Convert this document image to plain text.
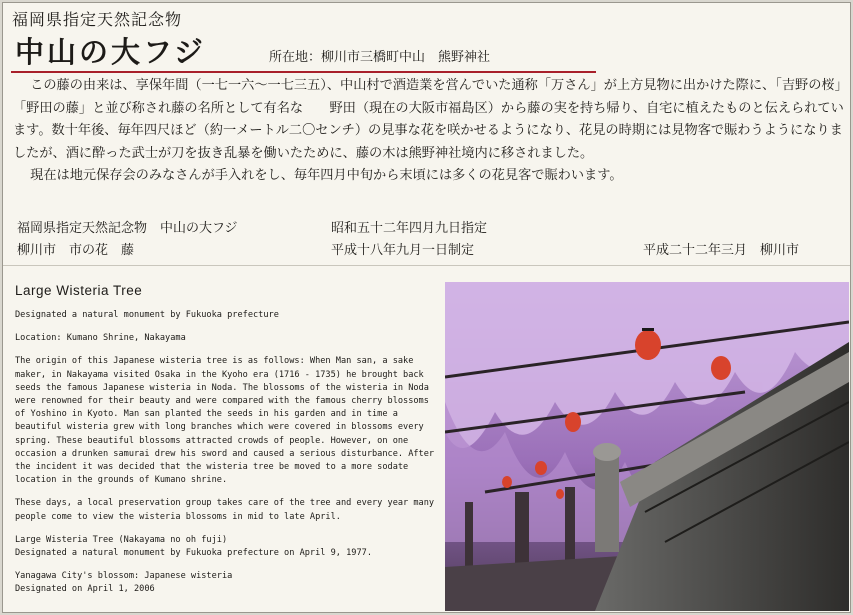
福岡県指定天然記念物
中山の大フジ	所在地：柳川市三橋町中山　熊野神社

この藤の由来は、享保年間（一七一六〜一七三五）、中山村で酒造業を営んでいた通称「万さん」が上方見物に出かけた際に、「吉野の桜」「野田の藤」と並び称され藤の名所として有名な　　野田（現在の大阪市福島区）から藤の実を持ち帰り、自宅に植えたものと伝えられています。数十年後、毎年四尺ほど（約一メートル二〇センチ）の見事な花を咲かせるようになり、花見の時期には見物客で賑わうようになりましたが、酒に酔った武士が刀を抜き乱暴を働いたために、藤の木は熊野神社境内に移されました。

現在は地元保存会のみなさんが手入れをし、毎年四月中旬から末頃には多くの花見客で賑わいます。

福岡県指定天然記念物　中山の大フジ	昭和五十二年四月九日指定
柳川市　市の花　藤	平成十八年九月一日制定	平成二十二年三月　柳川市
Large Wisteria Tree

Designated a natural monument by Fukuoka prefecture

Location: Kumano Shrine, Nakayama

The origin of this Japanese wisteria tree is as follows: When Man san, a sake maker, in Nakayama visited Osaka in the Kyoho era (1716 - 1735) he brought back seeds the famous Japanese wisteria in Noda. The blossoms of the wisteria in Noda were renowned for their beauty and were compared with the famous cherry blossoms of Yoshino in Kyoto. Man san planted the seeds in his garden and in time a beautiful wisteria grew with long branches which were covered in blossoms every spring. These beautiful blossoms attracted crowds of people. However, on one occasion a drunken samurai drew his sword and caused a serious disturbance. After the incident it was decided that the wisteria tree be moved to a more sodate location in the grounds of Kumano shrine.

These days, a local preservation group takes care of the tree and every year many people come to view the wisteria blossoms in mid to late April.

Large Wisteria Tree (Nakayama no oh fuji)

Designated a natural monument by Fukuoka prefecture on April 9, 1977.

Yanagawa City's blossom: Japanese wisteria

Designated on April 1, 2006
